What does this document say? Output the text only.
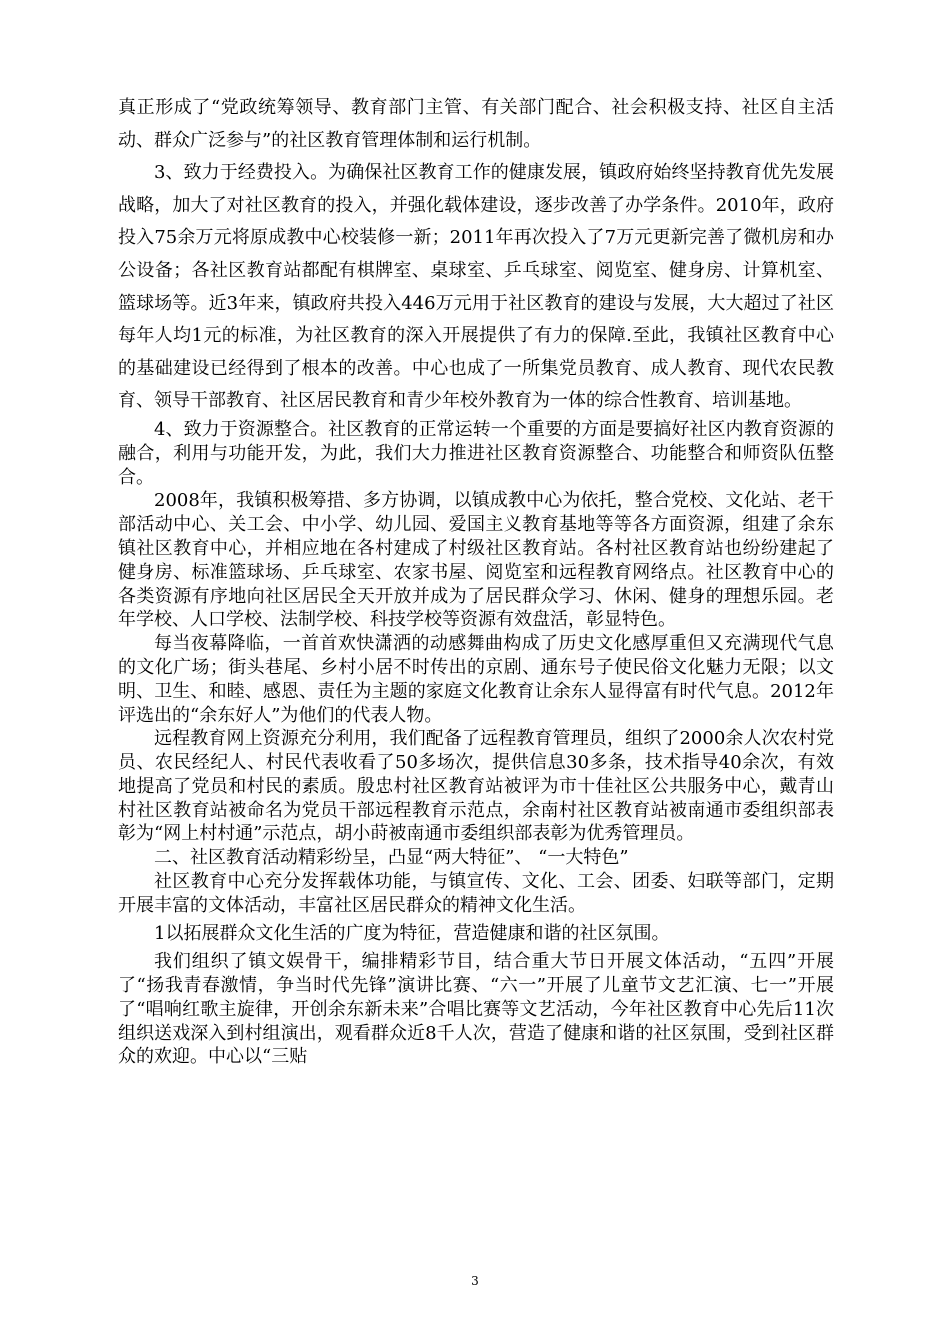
真正形成了“党政统筹领导、教育部门主管、有关部门配合、社会积极支持、社区自主活动、群众广泛参与”的社区教育管理体制和运行机制。

3、致力于经费投入。为确保社区教育工作的健康发展，镇政府始终坚持教育优先发展战略，加大了对社区教育的投入，并强化载体建设，逐步改善了办学条件。2010年，政府投入75余万元将原成教中心校装修一新；2011年再次投入了7万元更新完善了微机房和办公设备；各社区教育站都配有棋牌室、桌球室、乒乓球室、阅览室、健身房、计算机室、篮球场等。近3年来，镇政府共投入446万元用于社区教育的建设与发展，大大超过了社区每年人均1元的标准，为社区教育的深入开展提供了有力的保障.至此，我镇社区教育中心的基础建设已经得到了根本的改善。中心也成了一所集党员教育、成人教育、现代农民教育、领导干部教育、社区居民教育和青少年校外教育为一体的综合性教育、培训基地。

4、致力于资源整合。社区教育的正常运转一个重要的方面是要搞好社区内教育资源的融合，利用与功能开发，为此，我们大力推进社区教育资源整合、功能整合和师资队伍整合。

2008年，我镇积极筹措、多方协调，以镇成教中心为依托，整合党校、文化站、老干部活动中心、关工会、中小学、幼儿园、爱国主义教育基地等等各方面资源，组建了余东镇社区教育中心，并相应地在各村建成了村级社区教育站。各村社区教育站也纷纷建起了健身房、标准篮球场、乒乓球室、农家书屋、阅览室和远程教育网络点。社区教育中心的各类资源有序地向社区居民全天开放并成为了居民群众学习、休闲、健身的理想乐园。老年学校、人口学校、法制学校、科技学校等资源有效盘活，彰显特色。

每当夜幕降临，一首首欢快潇洒的动感舞曲构成了历史文化感厚重但又充满现代气息的文化广场；街头巷尾、乡村小居不时传出的京剧、通东号子使民俗文化魅力无限；以文明、卫生、和睦、感恩、责任为主题的家庭文化教育让余东人显得富有时代气息。2012年评选出的“余东好人”为他们的代表人物。

远程教育网上资源充分利用，我们配备了远程教育管理员，组织了2000余人次农村党员、农民经纪人、村民代表收看了50多场次，提供信息30多条，技术指导40余次，有效地提高了党员和村民的素质。殷忠村社区教育站被评为市十佳社区公共服务中心，戴青山村社区教育站被命名为党员干部远程教育示范点，余南村社区教育站被南通市委组织部表彰为“网上村村通”示范点，胡小莳被南通市委组织部表彰为优秀管理员。

二、社区教育活动精彩纷呈，凸显“两大特征”、 “一大特色”

社区教育中心充分发挥载体功能，与镇宣传、文化、工会、团委、妇联等部门，定期开展丰富的文体活动，丰富社区居民群众的精神文化生活。

1以拓展群众文化生活的广度为特征，营造健康和谐的社区氛围。

我们组织了镇文娱骨干，编排精彩节目，结合重大节日开展文体活动，“五四”开展了“扬我青春激情，争当时代先锋”演讲比赛、“六一”开展了儿童节文艺汇演、七一”开展了“唱响红歌主旋律，开创余东新未来”合唱比赛等文艺活动，今年社区教育中心先后11次组织送戏深入到村组演出，观看群众近8千人次，营造了健康和谐的社区氛围，受到社区群众的欢迎。中心以“三贴

3
